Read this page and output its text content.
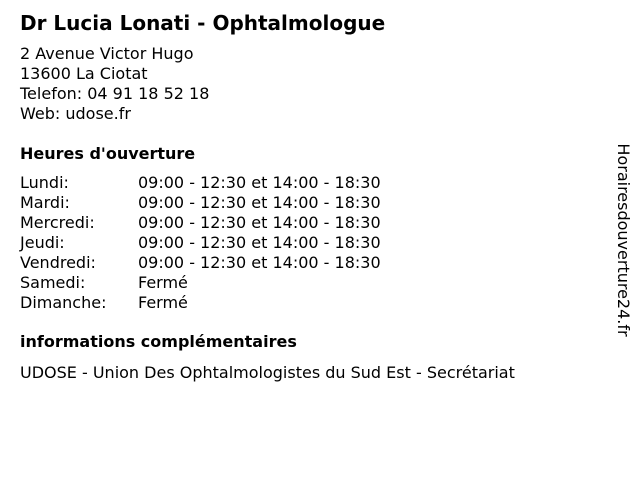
Dr Lucia Lonati - Ophtalmologue
2 Avenue Victor Hugo
13600 La Ciotat
Telefon: 04 91 18 52 18
Web: udose.fr
Heures d'ouverture
Lundi:	09:00 - 12:30 et 14:00 - 18:30
Mardi:	09:00 - 12:30 et 14:00 - 18:30
Mercredi:	09:00 - 12:30 et 14:00 - 18:30
Jeudi:	09:00 - 12:30 et 14:00 - 18:30
Vendredi:	09:00 - 12:30 et 14:00 - 18:30
Samedi:	Fermé
Dimanche:	Fermé
informations complémentaires
UDOSE - Union Des Ophtalmologistes du Sud Est - Secrétariat
Horairesdouverture24.fr
